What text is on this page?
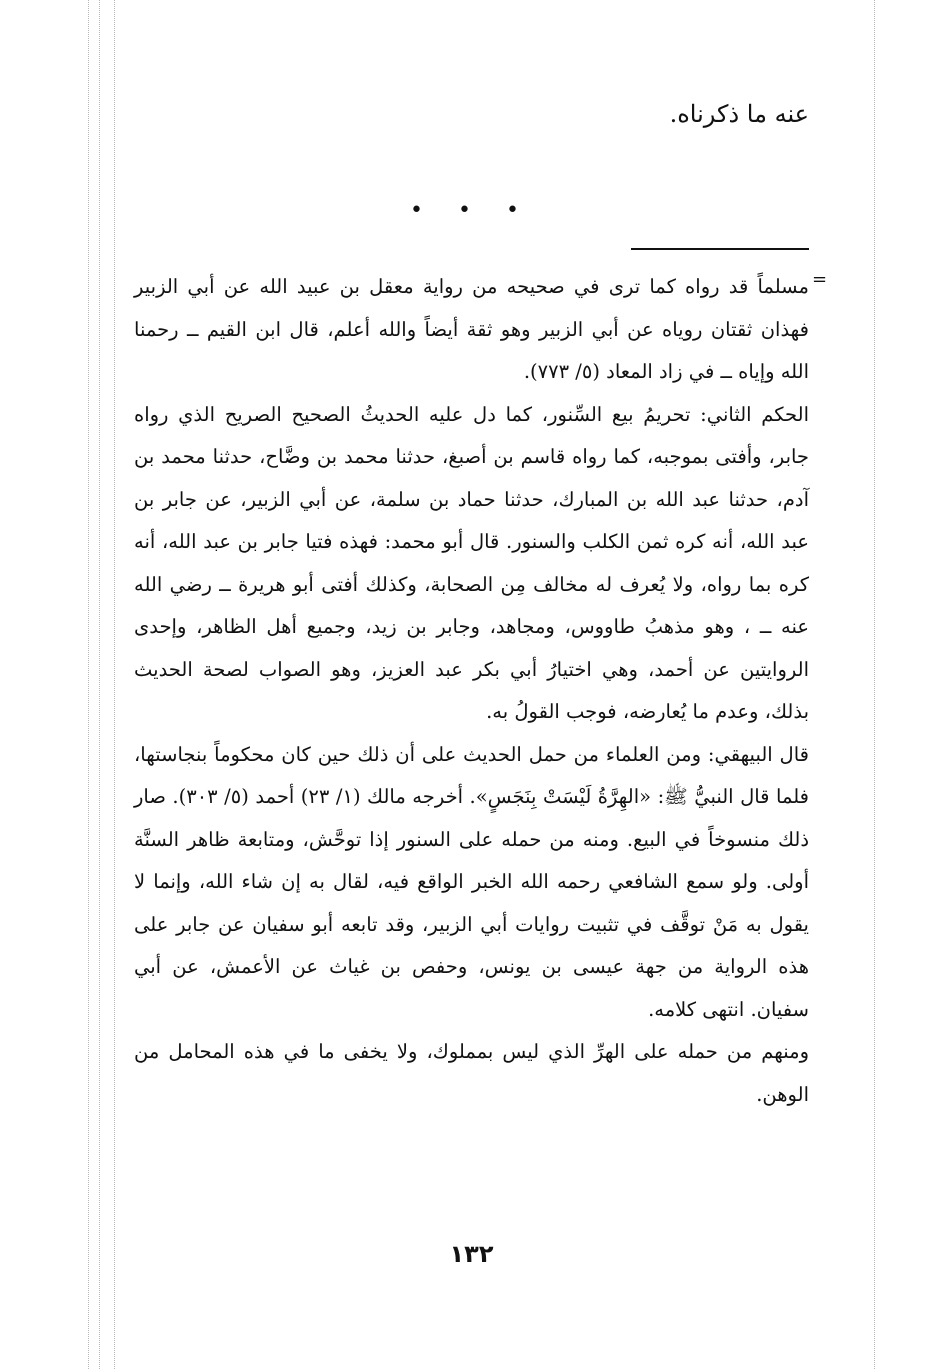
عنه ما ذكرناه.
• • •
=

مسلماً قد رواه كما ترى في صحيحه من رواية معقل بن عبيد الله عن أبي الزبير فهذان ثقتان روياه عن أبي الزبير وهو ثقة أيضاً والله أعلم، قال ابن القيم ــ رحمنا الله وإياه ــ في زاد المعاد (٥/ ٧٧٣).

الحكم الثاني: تحريمُ بيع السِّنور، كما دل عليه الحديثُ الصحيح الصريح الذي رواه جابر، وأفتى بموجبه، كما رواه قاسم بن أصبغ، حدثنا محمد بن وضَّاح، حدثنا محمد بن آدم، حدثنا عبد الله بن المبارك، حدثنا حماد بن سلمة، عن أبي الزبير، عن جابر بن عبد الله، أنه كره ثمن الكلب والسنور. قال أبو محمد: فهذه فتيا جابر بن عبد الله، أنه كره بما رواه، ولا يُعرف له مخالف مِن الصحابة، وكذلك أفتى أبو هريرة ــ رضي الله عنه ــ ، وهو مذهبُ طاووس، ومجاهد، وجابر بن زيد، وجميع أهل الظاهر، وإحدى الروايتين عن أحمد، وهي اختيارُ أبي بكر عبد العزيز، وهو الصواب لصحة الحديث بذلك، وعدم ما يُعارضه، فوجب القولُ به.

قال البيهقي: ومن العلماء من حمل الحديث على أن ذلك حين كان محكوماً بنجاستها، فلما قال النبيُّ ﷺ: «الهِرَّةُ لَيْسَتْ بِنَجَسٍ». أخرجه مالك (١/ ٢٣) أحمد (٥/ ٣٠٣). صار ذلك منسوخاً في البيع. ومنه من حمله على السنور إذا توحَّش، ومتابعة ظاهر السنَّة أولى. ولو سمع الشافعي رحمه الله الخبر الواقع فيه، لقال به إن شاء الله، وإنما لا يقول به مَنْ توقَّف في تثبيت روايات أبي الزبير، وقد تابعه أبو سفيان عن جابر على هذه الرواية من جهة عيسى بن يونس، وحفص بن غياث عن الأعمش، عن أبي سفيان. انتهى كلامه.

ومنهم من حمله على الهرِّ الذي ليس بمملوك، ولا يخفى ما في هذه المحامل من الوهن.

١٣٢
